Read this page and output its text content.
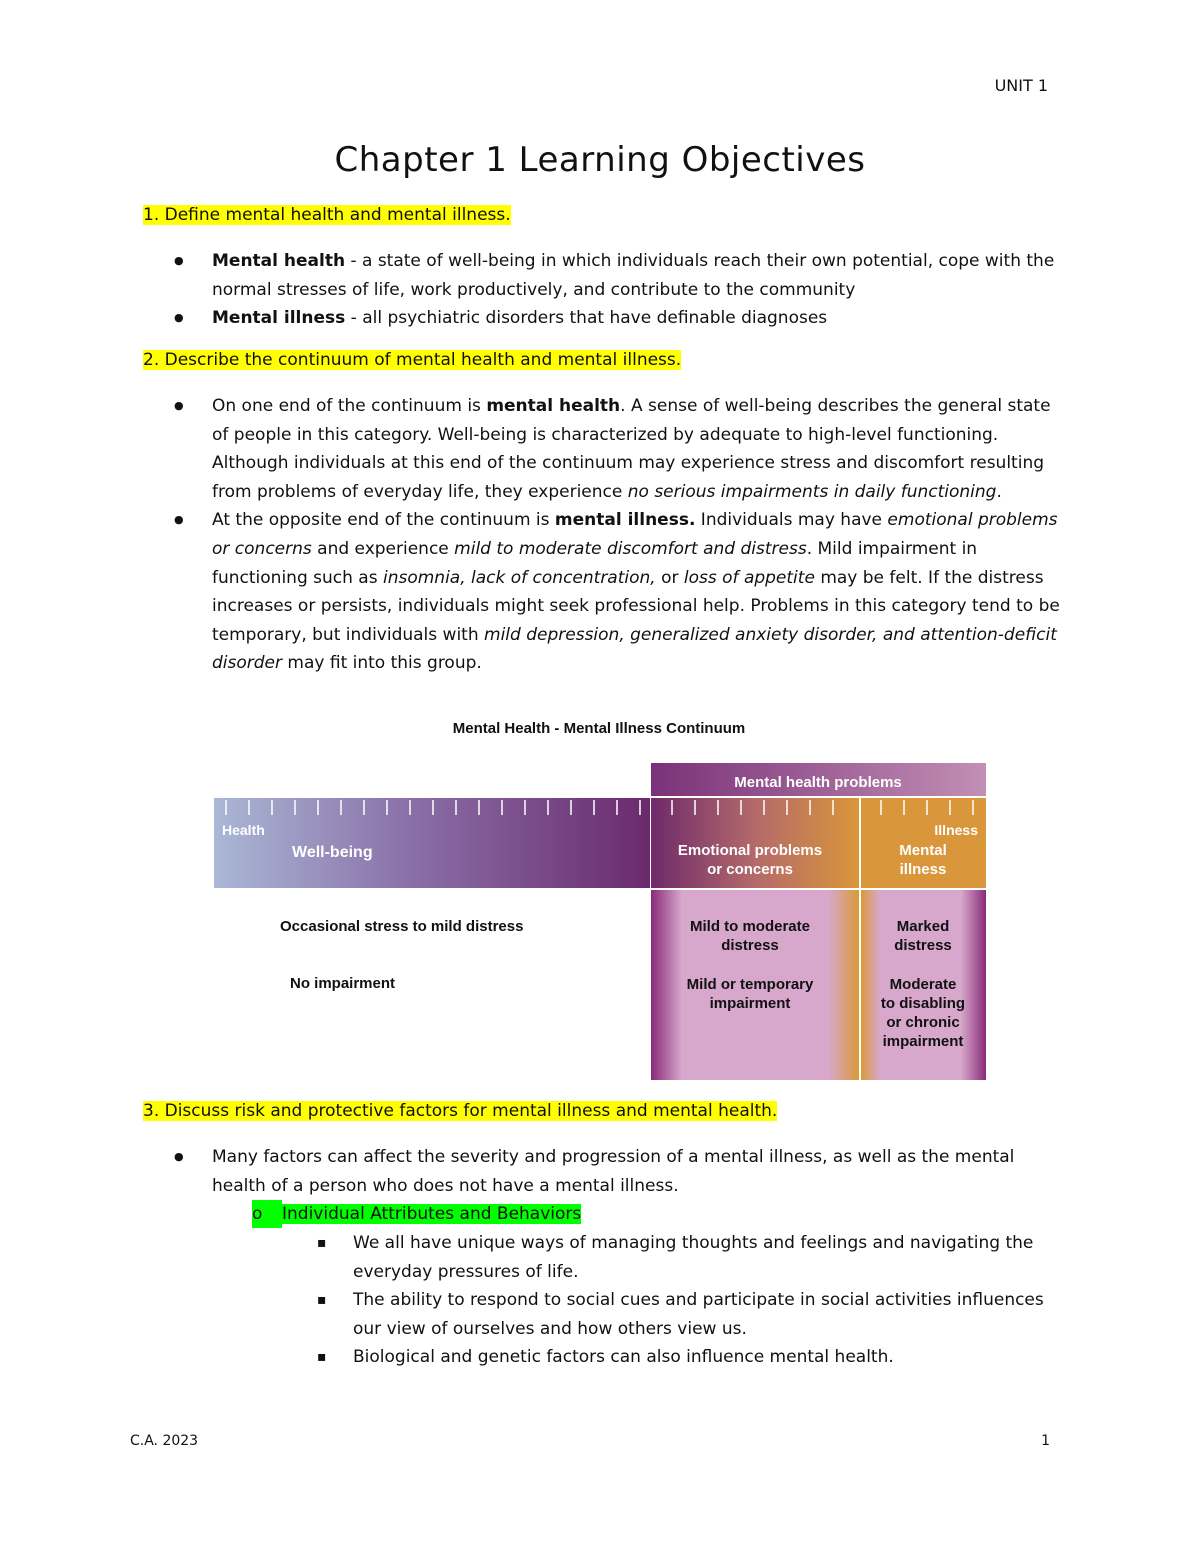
UNIT 1
Chapter 1 Learning Objectives
1. Define mental health and mental illness.
● Mental health - a state of well-being in which individuals reach their own potential, cope with the normal stresses of life, work productively, and contribute to the community
● Mental illness - all psychiatric disorders that have definable diagnoses
2. Describe the continuum of mental health and mental illness.
● On one end of the continuum is mental health. A sense of well-being describes the general state of people in this category. Well-being is characterized by adequate to high-level functioning. Although individuals at this end of the continuum may experience stress and discomfort resulting from problems of everyday life, they experience no serious impairments in daily functioning.
● At the opposite end of the continuum is mental illness. Individuals may have emotional problems or concerns and experience mild to moderate discomfort and distress. Mild impairment in functioning such as insomnia, lack of concentration, or loss of appetite may be felt. If the distress increases or persists, individuals might seek professional help. Problems in this category tend to be temporary, but individuals with mild depression, generalized anxiety disorder, and attention-deficit disorder may fit into this group.
Mental Health - Mental Illness Continuum
Mental health problems
Health
Well-being
Illness
Emotional problems
or concerns
Mental
illness
Occasional stress to mild distress
No impairment
Mild to moderate
distress
Mild or temporary
impairment
Marked
distress
Moderate
to disabling
or chronic
impairment
3. Discuss risk and protective factors for mental illness and mental health.
● Many factors can affect the severity and progression of a mental illness, as well as the mental health of a person who does not have a mental illness.
o Individual Attributes and Behaviors
▪ We all have unique ways of managing thoughts and feelings and navigating the everyday pressures of life.
▪ The ability to respond to social cues and participate in social activities influences our view of ourselves and how others view us.
▪ Biological and genetic factors can also influence mental health.
C.A. 2023	1
